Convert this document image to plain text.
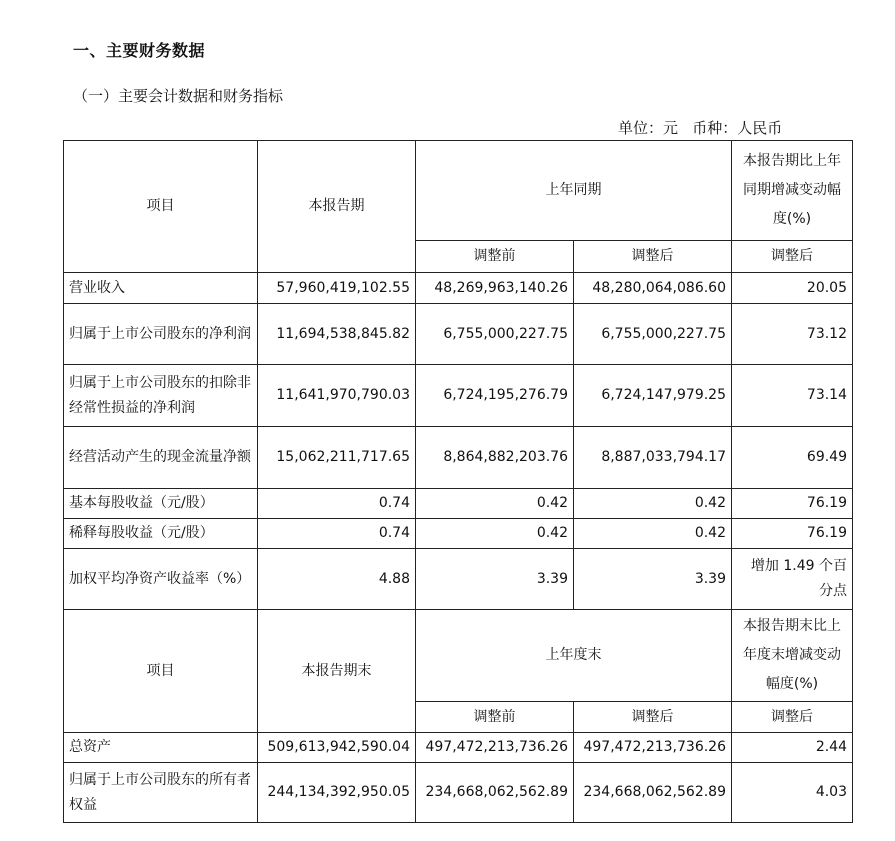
一、主要财务数据
（一）主要会计数据和财务指标
单位：元   币种：人民币
项目	本报告期	上年同期		本报告期比上年同期增减变动幅度(%)
		调整前	调整后	调整后
营业收入	57,960,419,102.55	48,269,963,140.26	48,280,064,086.60	20.05
归属于上市公司股东的净利润	11,694,538,845.82	6,755,000,227.75	6,755,000,227.75	73.12
归属于上市公司股东的扣除非经常性损益的净利润	11,641,970,790.03	6,724,195,276.79	6,724,147,979.25	73.14
经营活动产生的现金流量净额	15,062,211,717.65	8,864,882,203.76	8,887,033,794.17	69.49
基本每股收益（元/股）	0.74	0.42	0.42	76.19
稀释每股收益（元/股）	0.74	0.42	0.42	76.19
加权平均净资产收益率（%）	4.88	3.39	3.39	增加 1.49 个百分点
项目	本报告期末	上年度末		本报告期末比上年度末增减变动幅度(%)
		调整前	调整后	调整后
总资产	509,613,942,590.04	497,472,213,736.26	497,472,213,736.26	2.44
归属于上市公司股东的所有者权益	244,134,392,950.05	234,668,062,562.89	234,668,062,562.89	4.03
